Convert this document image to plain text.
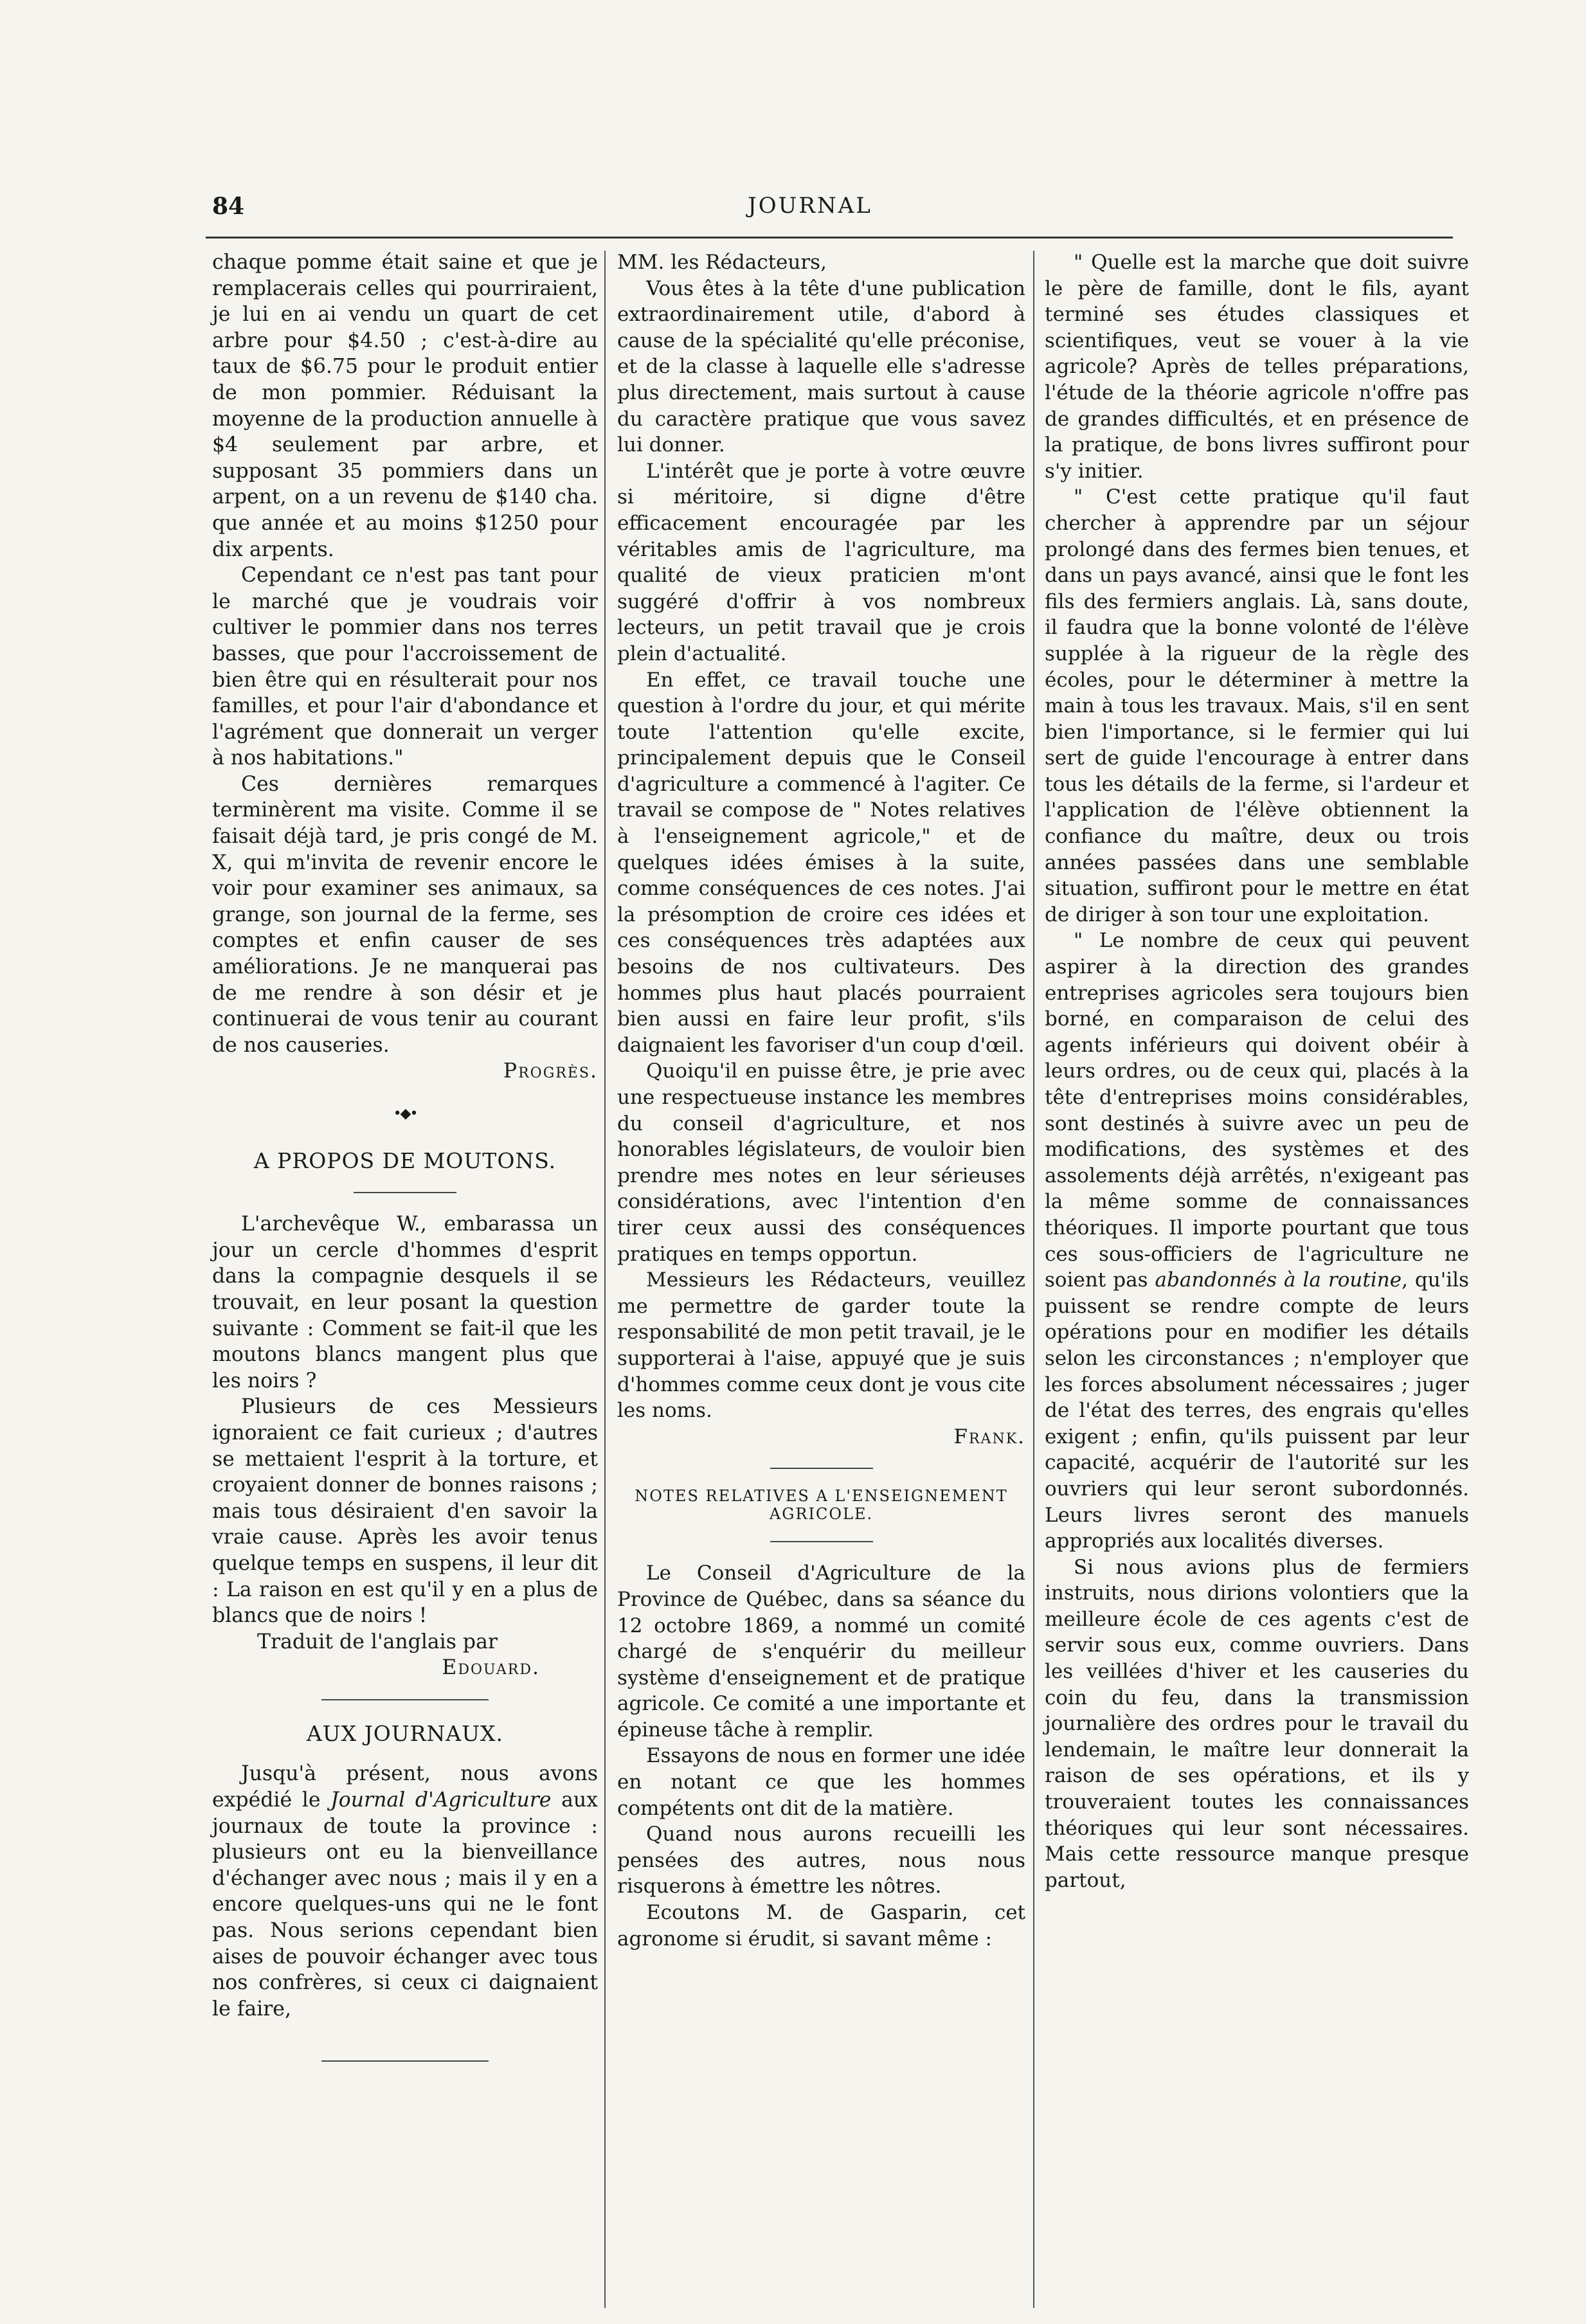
84	JOURNAL

chaque pomme était saine et que je remplacerais celles qui pourriraient, je lui en ai vendu un quart de cet arbre pour $4.50 ; c'est-à-dire au taux de $6.75 pour le produit entier de mon pommier. Réduisant la moyenne de la production annuelle à $4 seulement par arbre, et supposant 35 pommiers dans un arpent, on a un revenu de $140 cha. que année et au moins $1250 pour dix arpents.

Cependant ce n'est pas tant pour le marché que je voudrais voir cultiver le pommier dans nos terres basses, que pour l'accroissement de bien être qui en résulterait pour nos familles, et pour l'air d'abondance et l'agrément que donnerait un verger à nos habitations."

Ces dernières remarques terminèrent ma visite. Comme il se faisait déjà tard, je pris congé de M. X, qui m'invita de revenir encore le voir pour examiner ses animaux, sa grange, son journal de la ferme, ses comptes et enfin causer de ses améliorations. Je ne manquerai pas de me rendre à son désir et je continuerai de vous tenir au courant de nos causeries.

Progrès.
•◆•
A PROPOS DE MOUTONS.

L'archevêque W., embarassa un jour un cercle d'hommes d'esprit dans la compagnie desquels il se trouvait, en leur posant la question suivante : Comment se fait-il que les moutons blancs mangent plus que les noirs ?

Plusieurs de ces Messieurs ignoraient ce fait curieux ; d'autres se mettaient l'esprit à la torture, et croyaient donner de bonnes raisons ; mais tous désiraient d'en savoir la vraie cause. Après les avoir tenus quelque temps en suspens, il leur dit : La raison en est qu'il y en a plus de blancs que de noirs !

Traduit de l'anglais par
Edouard.
AUX JOURNAUX.

Jusqu'à présent, nous avons expédié le Journal d'Agriculture aux journaux de toute la province : plusieurs ont eu la bienveillance d'échanger avec nous ; mais il y en a encore quelques-uns qui ne le font pas. Nous serions cependant bien aises de pouvoir échanger avec tous nos confrères, si ceux ci daignaient le faire,

MM. les Rédacteurs,

Vous êtes à la tête d'une publication extraordinairement utile, d'abord à cause de la spécialité qu'elle préconise, et de la classe à laquelle elle s'adresse plus directement, mais surtout à cause du caractère pratique que vous savez lui donner.

L'intérêt que je porte à votre œuvre si méritoire, si digne d'être efficacement encouragée par les véritables amis de l'agriculture, ma qualité de vieux praticien m'ont suggéré d'offrir à vos nombreux lecteurs, un petit travail que je crois plein d'actualité.

En effet, ce travail touche une question à l'ordre du jour, et qui mérite toute l'attention qu'elle excite, principalement depuis que le Conseil d'agriculture a commencé à l'agiter. Ce travail se compose de " Notes relatives à l'enseignement agricole," et de quelques idées émises à la suite, comme conséquences de ces notes. J'ai la présomption de croire ces idées et ces conséquences très adaptées aux besoins de nos cultivateurs. Des hommes plus haut placés pourraient bien aussi en faire leur profit, s'ils daignaient les favoriser d'un coup d'œil.

Quoiqu'il en puisse être, je prie avec une respectueuse instance les membres du conseil d'agriculture, et nos honorables législateurs, de vouloir bien prendre mes notes en leur sérieuses considérations, avec l'intention d'en tirer ceux aussi des conséquences pratiques en temps opportun.

Messieurs les Rédacteurs, veuillez me permettre de garder toute la responsabilité de mon petit travail, je le supporterai à l'aise, appuyé que je suis d'hommes comme ceux dont je vous cite les noms.

Frank.
NOTES RELATIVES A L'ENSEIGNEMENT AGRICOLE.

Le Conseil d'Agriculture de la Province de Québec, dans sa séance du 12 octobre 1869, a nommé un comité chargé de s'enquérir du meilleur système d'enseignement et de pratique agricole. Ce comité a une importante et épineuse tâche à remplir.

Essayons de nous en former une idée en notant ce que les hommes compétents ont dit de la matière.

Quand nous aurons recueilli les pensées des autres, nous nous risquerons à émettre les nôtres.

Ecoutons M. de Gasparin, cet agronome si érudit, si savant même :

" Quelle est la marche que doit suivre le père de famille, dont le fils, ayant terminé ses études classiques et scientifiques, veut se vouer à la vie agricole? Après de telles préparations, l'étude de la théorie agricole n'offre pas de grandes difficultés, et en présence de la pratique, de bons livres suffiront pour s'y initier.

" C'est cette pratique qu'il faut chercher à apprendre par un séjour prolongé dans des fermes bien tenues, et dans un pays avancé, ainsi que le font les fils des fermiers anglais. Là, sans doute, il faudra que la bonne volonté de l'élève supplée à la rigueur de la règle des écoles, pour le déterminer à mettre la main à tous les travaux. Mais, s'il en sent bien l'importance, si le fermier qui lui sert de guide l'encourage à entrer dans tous les détails de la ferme, si l'ardeur et l'application de l'élève obtiennent la confiance du maître, deux ou trois années passées dans une semblable situation, suffiront pour le mettre en état de diriger à son tour une exploitation.

" Le nombre de ceux qui peuvent aspirer à la direction des grandes entreprises agricoles sera toujours bien borné, en comparaison de celui des agents inférieurs qui doivent obéir à leurs ordres, ou de ceux qui, placés à la tête d'entreprises moins considérables, sont destinés à suivre avec un peu de modifications, des systèmes et des assolements déjà arrêtés, n'exigeant pas la même somme de connaissances théoriques. Il importe pourtant que tous ces sous-officiers de l'agriculture ne soient pas abandonnés à la routine, qu'ils puissent se rendre compte de leurs opérations pour en modifier les détails selon les circonstances ; n'employer que les forces absolument nécessaires ; juger de l'état des terres, des engrais qu'elles exigent ; enfin, qu'ils puissent par leur capacité, acquérir de l'autorité sur les ouvriers qui leur seront subordonnés. Leurs livres seront des manuels appropriés aux localités diverses.

Si nous avions plus de fermiers instruits, nous dirions volontiers que la meilleure école de ces agents c'est de servir sous eux, comme ouvriers. Dans les veillées d'hiver et les causeries du coin du feu, dans la transmission journalière des ordres pour le travail du lendemain, le maître leur donnerait la raison de ses opérations, et ils y trouveraient toutes les connaissances théoriques qui leur sont nécessaires. Mais cette ressource manque presque partout,
